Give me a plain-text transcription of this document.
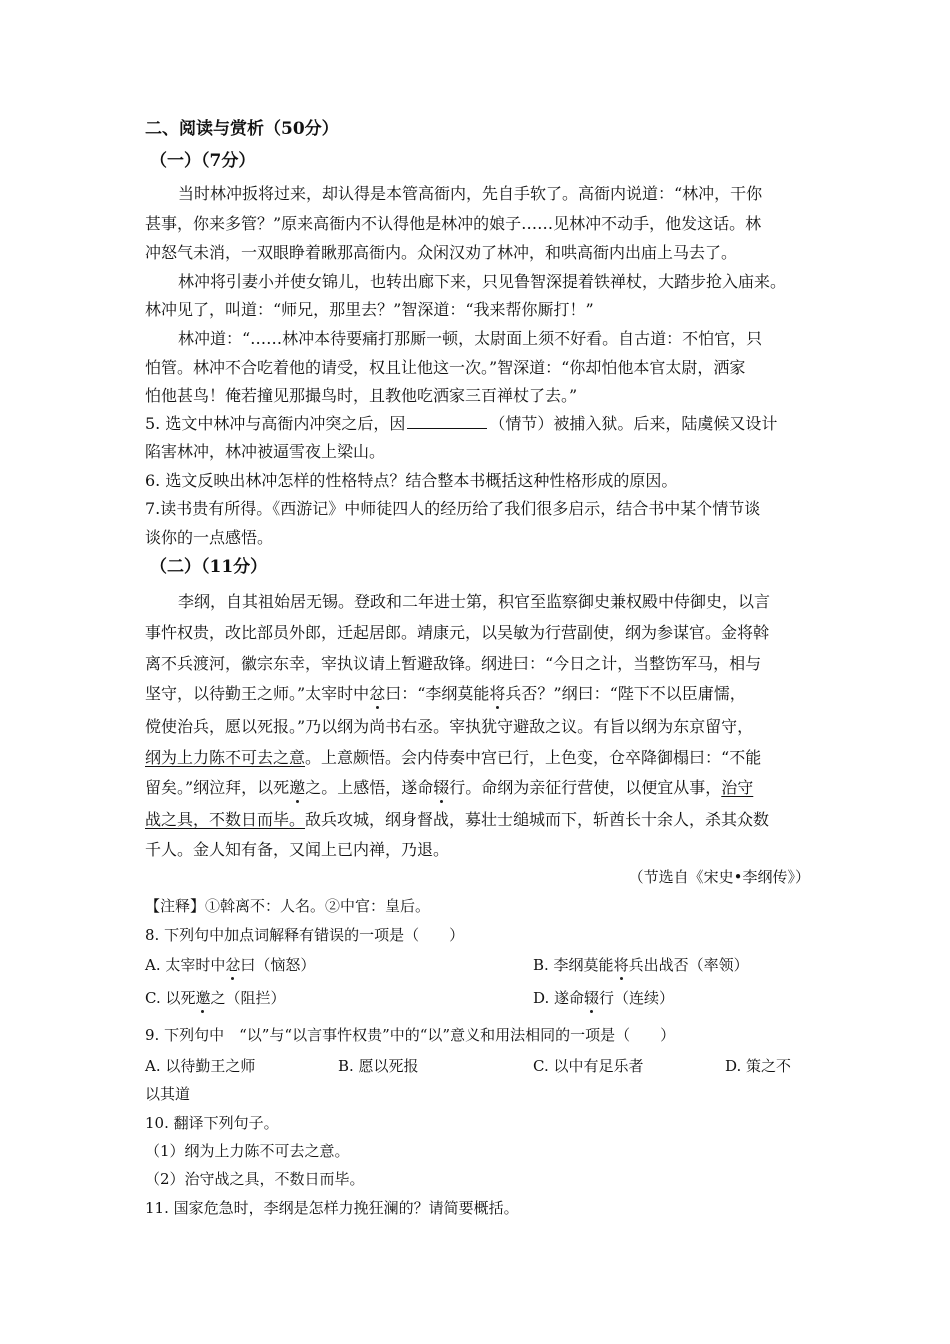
二、阅读与赏析（50分）
（一）（7分）
当时林冲扳将过来，却认得是本管高衙内，先自手软了。高衙内说道：“林冲，干你
甚事，你来多管？”原来高衙内不认得他是林冲的娘子……见林冲不动手，他发这话。林
冲怒气未消，一双眼睁着瞅那高衙内。众闲汉劝了林冲，和哄高衙内出庙上马去了。
林冲将引妻小并使女锦儿，也转出廊下来，只见鲁智深提着铁禅杖，大踏步抢入庙来。
林冲见了，叫道：“师兄，那里去？”智深道：“我来帮你厮打！”
林冲道：“……林冲本待要痛打那厮一顿，太尉面上须不好看。自古道：不怕官，只
怕管。林冲不合吃着他的请受，权且让他这一次。”智深道：“你却怕他本官太尉，洒家
怕他甚鸟！俺若撞见那撮鸟时，且教他吃洒家三百禅杖了去。”
5. 选文中林冲与高衙内冲突之后，因	（情节）被捕入狱。后来，陆虞候又设计
陷害林冲，林冲被逼雪夜上梁山。
6. 选文反映出林冲怎样的性格特点？结合整本书概括这种性格形成的原因。
7.读书贵有所得。《西游记》中师徒四人的经历给了我们很多启示，结合书中某个情节谈
谈你的一点感悟。
（二）（11分）
李纲，自其祖始居无锡。登政和二年进士第，积官至监察御史兼权殿中侍御史，以言
事忤权贵，改比部员外郎，迁起居郎。靖康元，以吴敏为行营副使，纲为参谋官。金将斡
离不兵渡河，徽宗东幸，宰执议请上暂避敌锋。纲进曰：“今日之计，当整饬军马，相与
坚守，以待勤王之师。”太宰时中忿曰：“李纲莫能将兵否？”纲曰：“陛下不以臣庸懦，
傥使治兵，愿以死报。”乃以纲为尚书右丞。宰执犹守避敌之议。有旨以纲为东京留守，
纲为上力陈不可去之意。上意颇悟。会内侍奏中宫已行，上色变，仓卒降御榻曰：“不能
留矣。”纲泣拜，以死邀之。上感悟，遂命辍行。命纲为亲征行营使，以便宜从事，治守
战之具，不数日而毕。敌兵攻城，纲身督战，募壮士缒城而下，斩酋长十余人，杀其众数
千人。金人知有备，又闻上已内禅，乃退。
（节选自《宋史•李纲传》）
【注释】①斡离不：人名。②中官：皇后。
8. 下列句中加点词解释有错误的一项是（　　）
A. 太宰时中忿曰（恼怒）	B. 李纲莫能将兵出战否（率领）
C. 以死邀之（阻拦）	D. 遂命辍行（连续）
9. 下列句中　“以”与“以言事忤权贵”中的“以”意义和用法相同的一项是（　　）
A. 以待勤王之师	B. 愿以死报	C. 以中有足乐者	D. 策之不
以其道
10. 翻译下列句子。
（1）纲为上力陈不可去之意。
（2）治守战之具，不数日而毕。
11. 国家危急时，李纲是怎样力挽狂澜的？请简要概括。
